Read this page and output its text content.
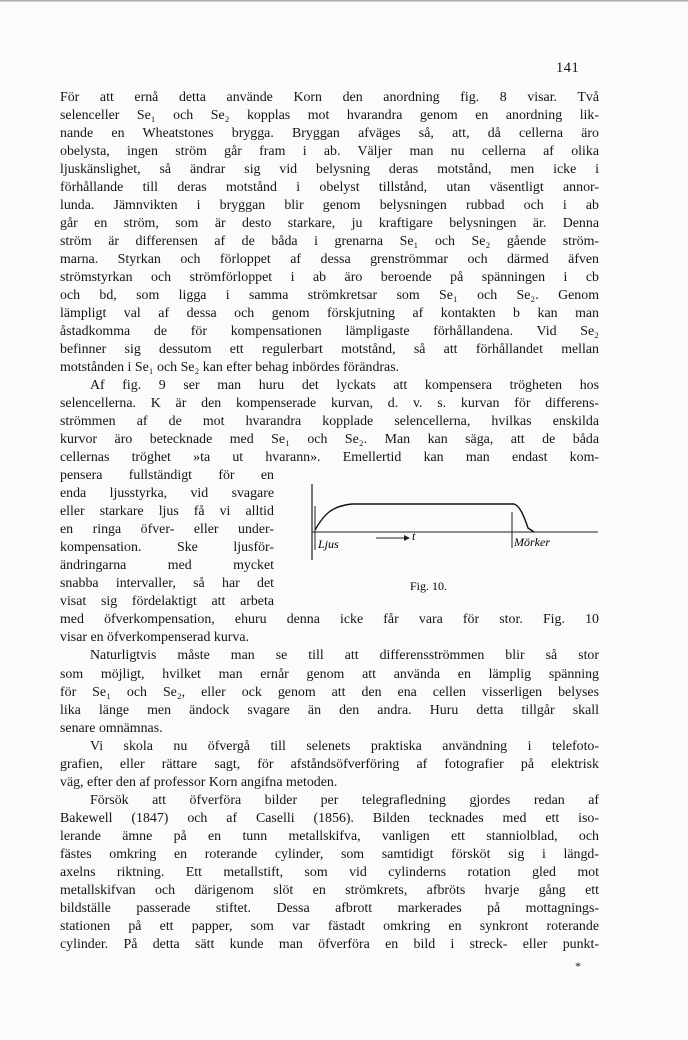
141
För att ernå detta använde Korn den anordning fig. 8 visar. Två
selenceller Se₁ och Se₂ kopplas mot hvarandra genom en anordning lik-
nande en Wheatstones brygga. Bryggan afväges så, att, då cellerna äro
obelysta, ingen ström går fram i ab. Väljer man nu cellerna af olika
ljuskänslighet, så ändrar sig vid belysning deras motstånd, men icke i
förhållande till deras motstånd i obelyst tillstånd, utan väsentligt annor-
lunda. Jämnvikten i bryggan blir genom belysningen rubbad och i ab
går en ström, som är desto starkare, ju kraftigare belysningen är. Denna
ström är differensen af de båda i grenarna Se₁ och Se₂ gående ström-
marna. Styrkan och förloppet af dessa grenströmmar och därmed äfven
strömstyrkan och strömförloppet i ab äro beroende på spänningen i cb
och bd, som ligga i samma strömkretsar som Se₁ och Se₂. Genom
lämpligt val af dessa och genom förskjutning af kontakten b kan man
åstadkomma de för kompensationen lämpligaste förhållandena. Vid Se₂
befinner sig dessutom ett regulerbart motstånd, så att förhållandet mellan
motstånden i Se₁ och Se₂ kan efter behag inbördes förändras.
Af fig. 9 ser man huru det lyckats att kompensera trögheten hos
selencellerna. K är den kompenserade kurvan, d. v. s. kurvan för differens-
strömmen af de mot hvarandra kopplade selencellerna, hvilkas enskilda
kurvor äro betecknade med Se₁ och Se₂. Man kan säga, att de båda
cellernas tröghet »ta ut hvarann». Emellertid kan man endast kom-
pensera fullständigt för en
enda ljusstyrka, vid svagare
eller starkare ljus få vi alltid
en ringa öfver- eller under-
kompensation. Ske ljusför-
ändringarna med mycket
snabba intervaller, så har det
visat sig fördelaktigt att arbeta
med öfverkompensation, ehuru denna icke får vara för stor. Fig. 10
visar en öfverkompenserad kurva.
Naturligtvis måste man se till att differensströmmen blir så stor
som möjligt, hvilket man ernår genom att använda en lämplig spänning
för Se₁ och Se₂, eller ock genom att den ena cellen visserligen belyses
lika länge men ändock svagare än den andra. Huru detta tillgår skall
senare omnämnas.
Vi skola nu öfvergå till selenets praktiska användning i telefoto-
grafien, eller rättare sagt, för afståndsöfverföring af fotografier på elektrisk
väg, efter den af professor Korn angifna metoden.
Försök att öfverföra bilder per telegrafledning gjordes redan af
Bakewell (1847) och af Caselli (1856). Bilden tecknades med ett iso-
lerande ämne på en tunn metallskifva, vanligen ett stanniolblad, och
fästes omkring en roterande cylinder, som samtidigt försköt sig i längd-
axelns riktning. Ett metallstift, som vid cylinderns rotation gled mot
metallskifvan och därigenom slöt en strömkrets, afbröts hvarje gång ett
bildställe passerade stiftet. Dessa afbrott markerades på mottagnings-
stationen på ett papper, som var fästadt omkring en synkront roterande
cylinder. På detta sätt kunde man öfverföra en bild i streck- eller punkt-
Ljus
t	Mörker
Fig. 10.
*
